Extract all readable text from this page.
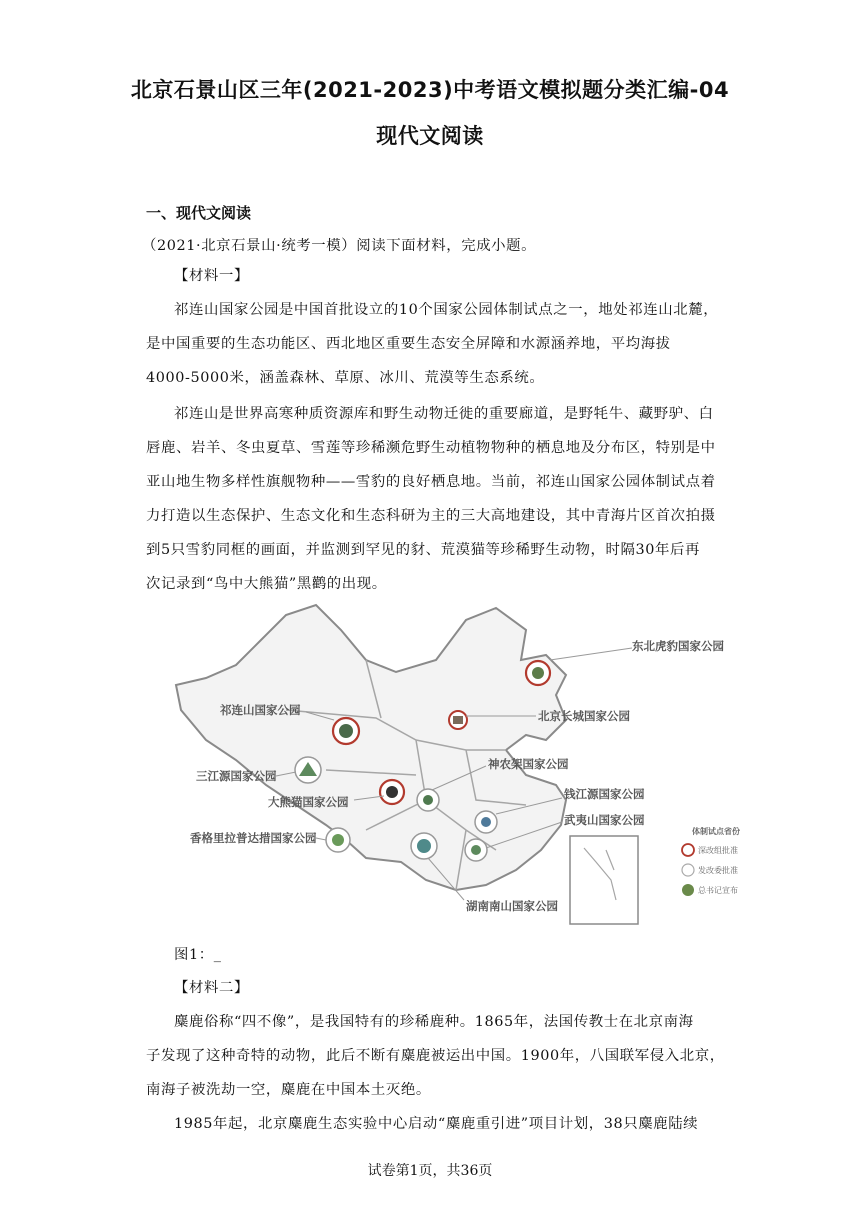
北京石景山区三年(2021-2023)中考语文模拟题分类汇编-04
现代文阅读
一、现代文阅读
（2021·北京石景山·统考一模）阅读下面材料，完成小题。
【材料一】
祁连山国家公园是中国首批设立的10个国家公园体制试点之一，地处祁连山北麓，
是中国重要的生态功能区、西北地区重要生态安全屏障和水源涵养地，平均海拔
4000-5000米，涵盖森林、草原、冰川、荒漠等生态系统。
祁连山是世界高寒种质资源库和野生动物迁徙的重要廊道，是野牦牛、藏野驴、白
唇鹿、岩羊、冬虫夏草、雪莲等珍稀濒危野生动植物物种的栖息地及分布区，特别是中
亚山地生物多样性旗舰物种——雪豹的良好栖息地。当前，祁连山国家公园体制试点着
力打造以生态保护、生态文化和生态科研为主的三大高地建设，其中青海片区首次拍摄
到5只雪豹同框的画面，并监测到罕见的豺、荒漠猫等珍稀野生动物，时隔30年后再
次记录到“鸟中大熊猫”黑鹳的出现。
东北虎豹国家公园
祁连山国家公园	北京长城国家公园
三江源国家公园
神农架国家公园
大熊猫国家公园
钱江源国家公园
武夷山国家公园
香格里拉普达措国家公园
湖南南山国家公园
体制试点省份
深改组批准
发改委批准
总书记宣布
图1：_
【材料二】
麋鹿俗称“四不像”，是我国特有的珍稀鹿种。1865年，法国传教士在北京南海
子发现了这种奇特的动物，此后不断有麋鹿被运出中国。1900年，八国联军侵入北京，
南海子被洗劫一空，麋鹿在中国本土灭绝。
1985年起，北京麋鹿生态实验中心启动“麋鹿重引进”项目计划，38只麋鹿陆续
试卷第1页，共36页
